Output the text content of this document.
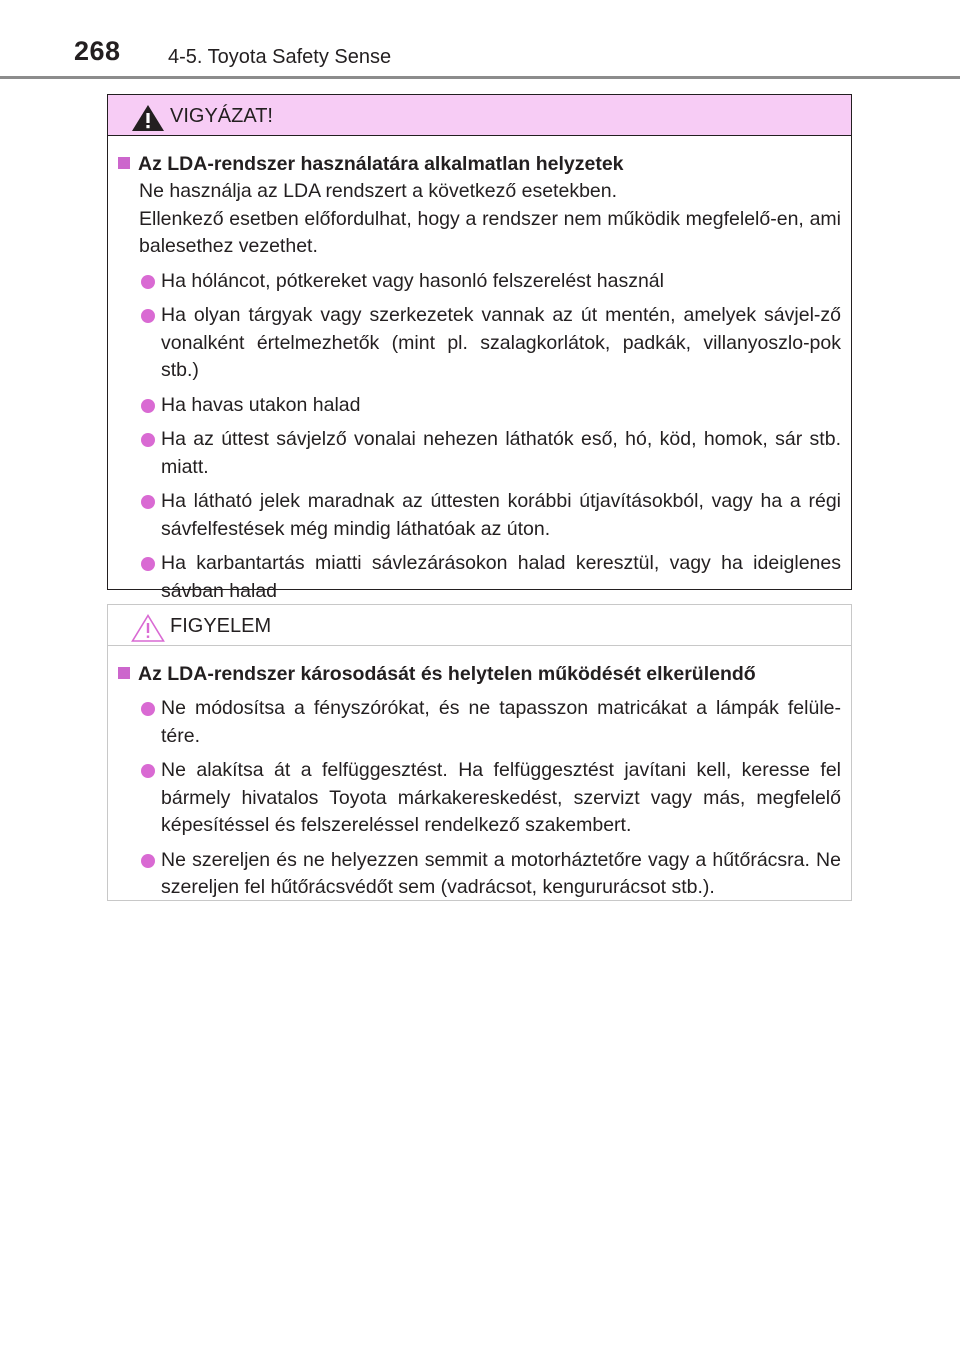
268 4-5. Toyota Safety Sense
VIGYÁZAT!
Az LDA-rendszer használatára alkalmatlan helyzetek
Ne használja az LDA rendszert a következő esetekben.
Ellenkező esetben előfordulhat, hogy a rendszer nem működik megfelelő-en, ami balesethez vezethet.
Ha hóláncot, pótkereket vagy hasonló felszerelést használ
Ha olyan tárgyak vagy szerkezetek vannak az út mentén, amelyek sávjel-ző vonalként értelmezhetők (mint pl. szalagkorlátok, padkák, villanyoszlo-pok stb.)
Ha havas utakon halad
Ha az úttest sávjelző vonalai nehezen láthatók eső, hó, köd, homok, sár stb. miatt.
Ha látható jelek maradnak az úttesten korábbi útjavításokból, vagy ha a régi sávfelfestések még mindig láthatóak az úton.
Ha karbantartás miatti sávlezárásokon halad keresztül, vagy ha ideiglenes sávban halad
FIGYELEM
Az LDA-rendszer károsodását és helytelen működését elkerülendő
Ne módosítsa a fényszórókat, és ne tapasszon matricákat a lámpák felüle-tére.
Ne alakítsa át a felfüggesztést. Ha felfüggesztést javítani kell, keresse fel bármely hivatalos Toyota márkakereskedést, szervizt vagy más, megfelelő képesítéssel és felszereléssel rendelkező szakembert.
Ne szereljen és ne helyezzen semmit a motorháztetőre vagy a hűtőrácsra. Ne szereljen fel hűtőrácsvédőt sem (vadrácsot, kengururácsot stb.).
